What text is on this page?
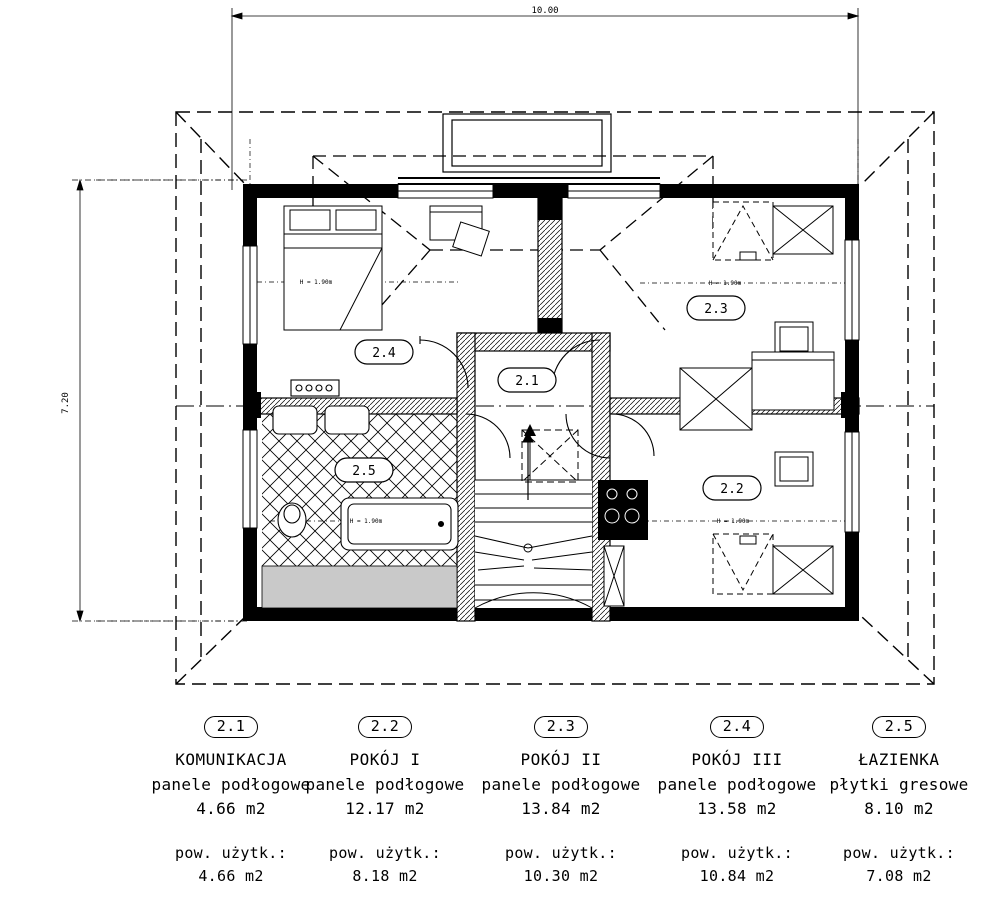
10.00
7.20
2.4
2.1
2.3
2.2
2.5
H = 1.90m	H = 1.90m
H = 1.90m	H = 1.90m
2.1
KOMUNIKACJA
panele podłogowe
4.66 m2
pow. użytk.:
4.66 m2
2.2
POKÓJ I
panele podłogowe
12.17 m2
pow. użytk.:
8.18 m2
2.3
POKÓJ II
panele podłogowe
13.84 m2
pow. użytk.:
10.30 m2
2.4
POKÓJ III
panele podłogowe
13.58 m2
pow. użytk.:
10.84 m2
2.5
ŁAZIENKA
płytki gresowe
8.10 m2
pow. użytk.:
7.08 m2
